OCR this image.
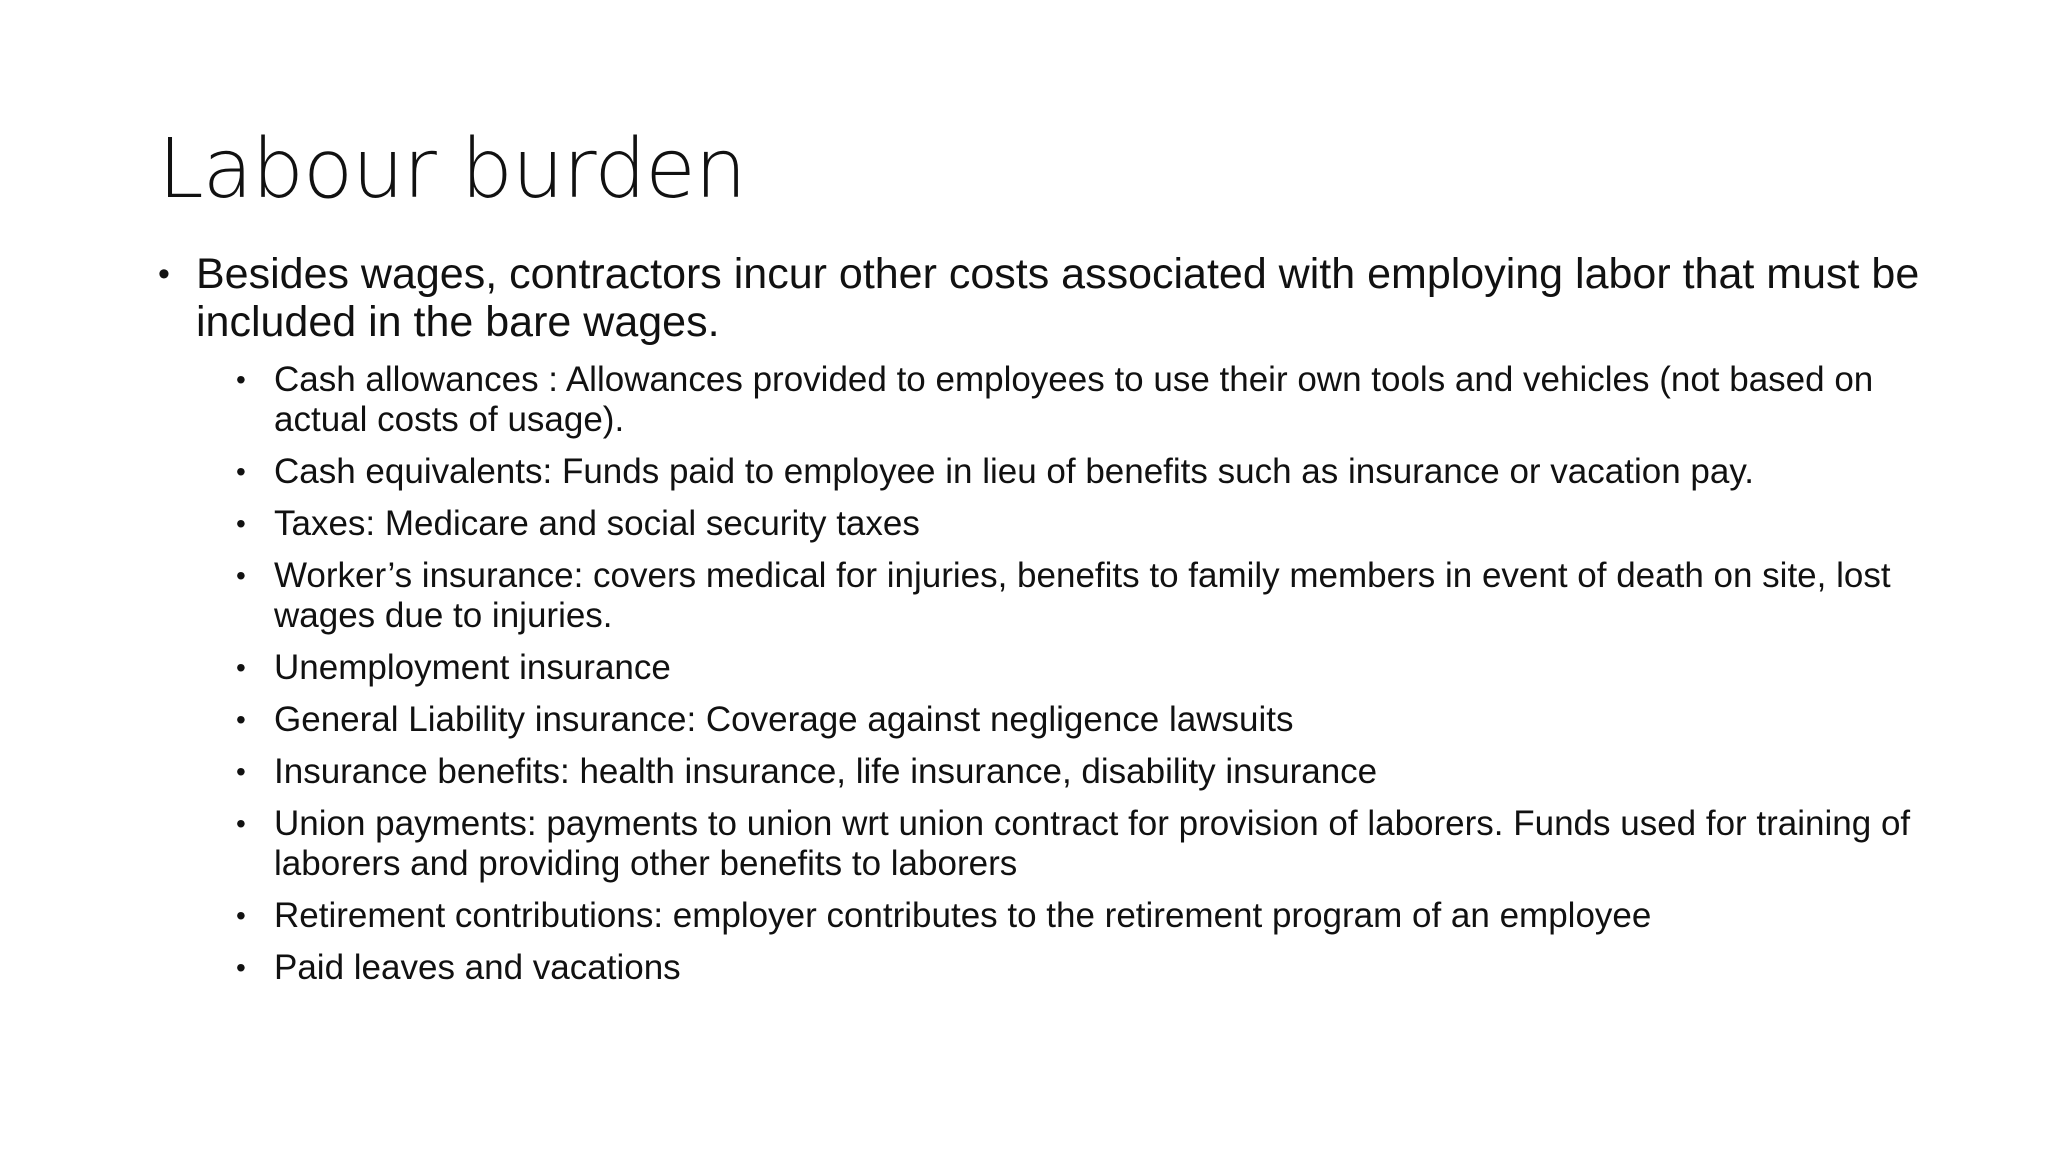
Labour burden
• Besides wages, contractors incur other costs associated with employing labor that must be included in the bare wages.
• Cash allowances : Allowances provided to employees to use their own tools and vehicles (not based on actual costs of usage).
• Cash equivalents: Funds paid to employee in lieu of benefits such as insurance or vacation pay.
• Taxes: Medicare and social security taxes
• Worker’s insurance: covers medical for injuries, benefits to family members in event of death on site, lost wages due to injuries.
• Unemployment insurance
• General Liability insurance: Coverage against negligence lawsuits
• Insurance benefits: health insurance, life insurance, disability insurance
• Union payments: payments to union wrt union contract for provision of laborers. Funds used for training of laborers and providing other benefits to laborers
• Retirement contributions: employer contributes to the retirement program of an employee
• Paid leaves and vacations
